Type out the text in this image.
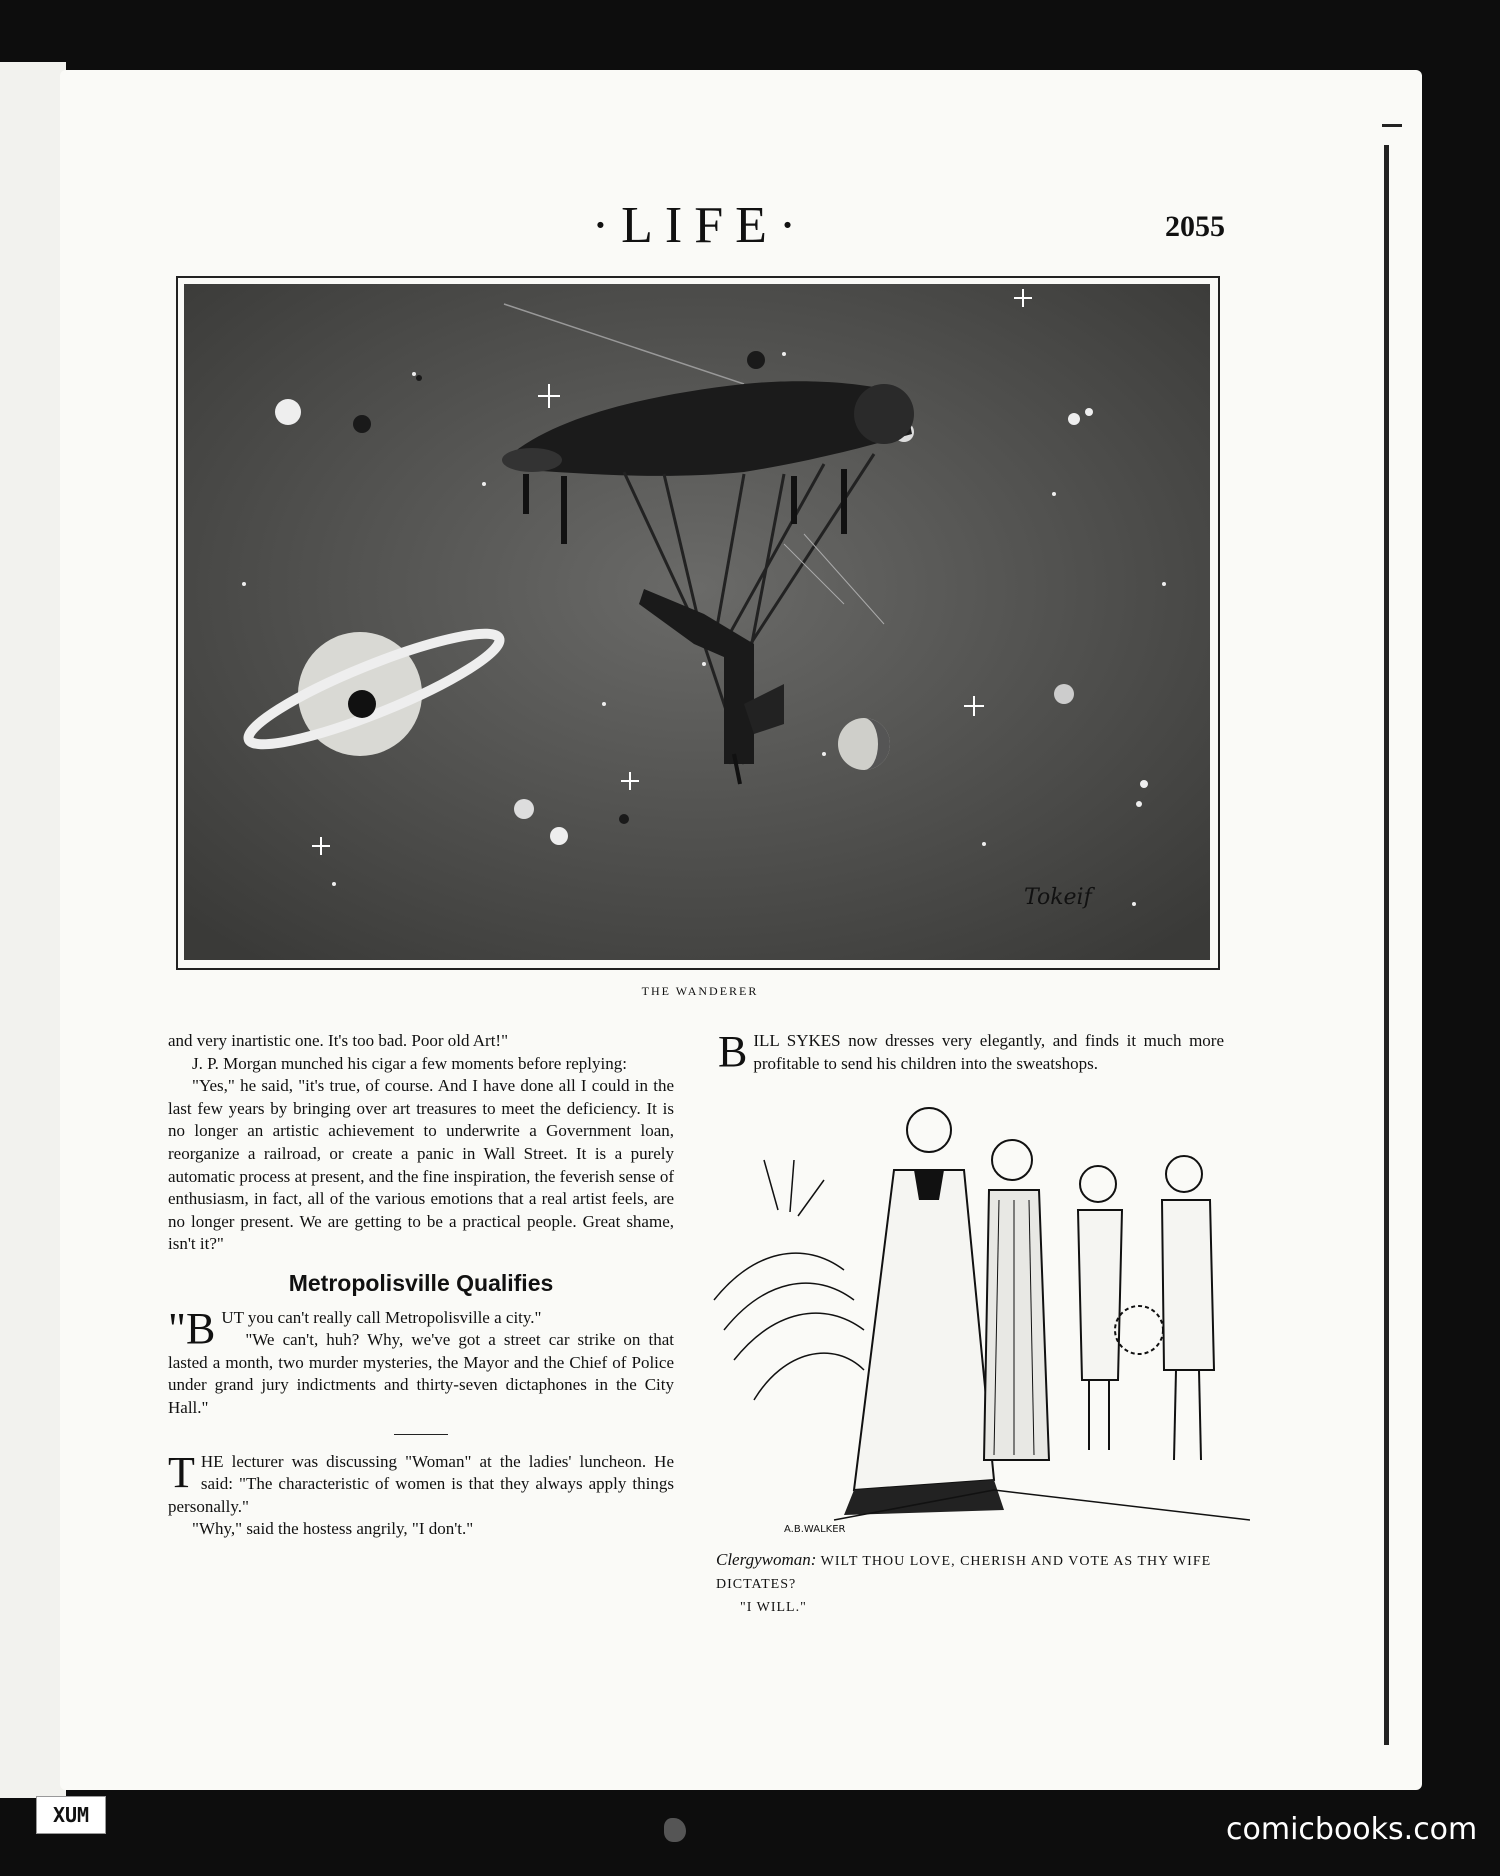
·LIFE·	2055
Tokeif
THE WANDERER

and very inartistic one. It's too bad. Poor old Art!"

J. P. Morgan munched his cigar a few moments before replying:

"Yes," he said, "it's true, of course. And I have done all I could in the last few years by bringing over art treasures to meet the deficiency. It is no longer an artistic achievement to underwrite a Government loan, reorganize a railroad, or create a panic in Wall Street. It is a purely automatic process at present, and the fine inspiration, the feverish sense of enthusiasm, in fact, all of the various emotions that a real artist feels, are no longer present. We are getting to be a practical people. Great shame, isn't it?"

Metropolisville Qualifies

"BUT you can't really call Metropolisville a city."

"We can't, huh? Why, we've got a street car strike on that lasted a month, two murder mysteries, the Mayor and the Chief of Police under grand jury indictments and thirty-seven dictaphones in the City Hall."

THE lecturer was discussing "Woman" at the ladies' luncheon. He said: "The characteristic of women is that they always apply things personally."

"Why," said the hostess angrily, "I don't."

BILL SYKES now dresses very elegantly, and finds it much more profitable to send his children into the sweatshops.

A.B.WALKER
Clergywoman: WILT THOU LOVE, CHERISH AND VOTE AS THY WIFE DICTATES?
"I WILL."
XUM	comicbooks.com
